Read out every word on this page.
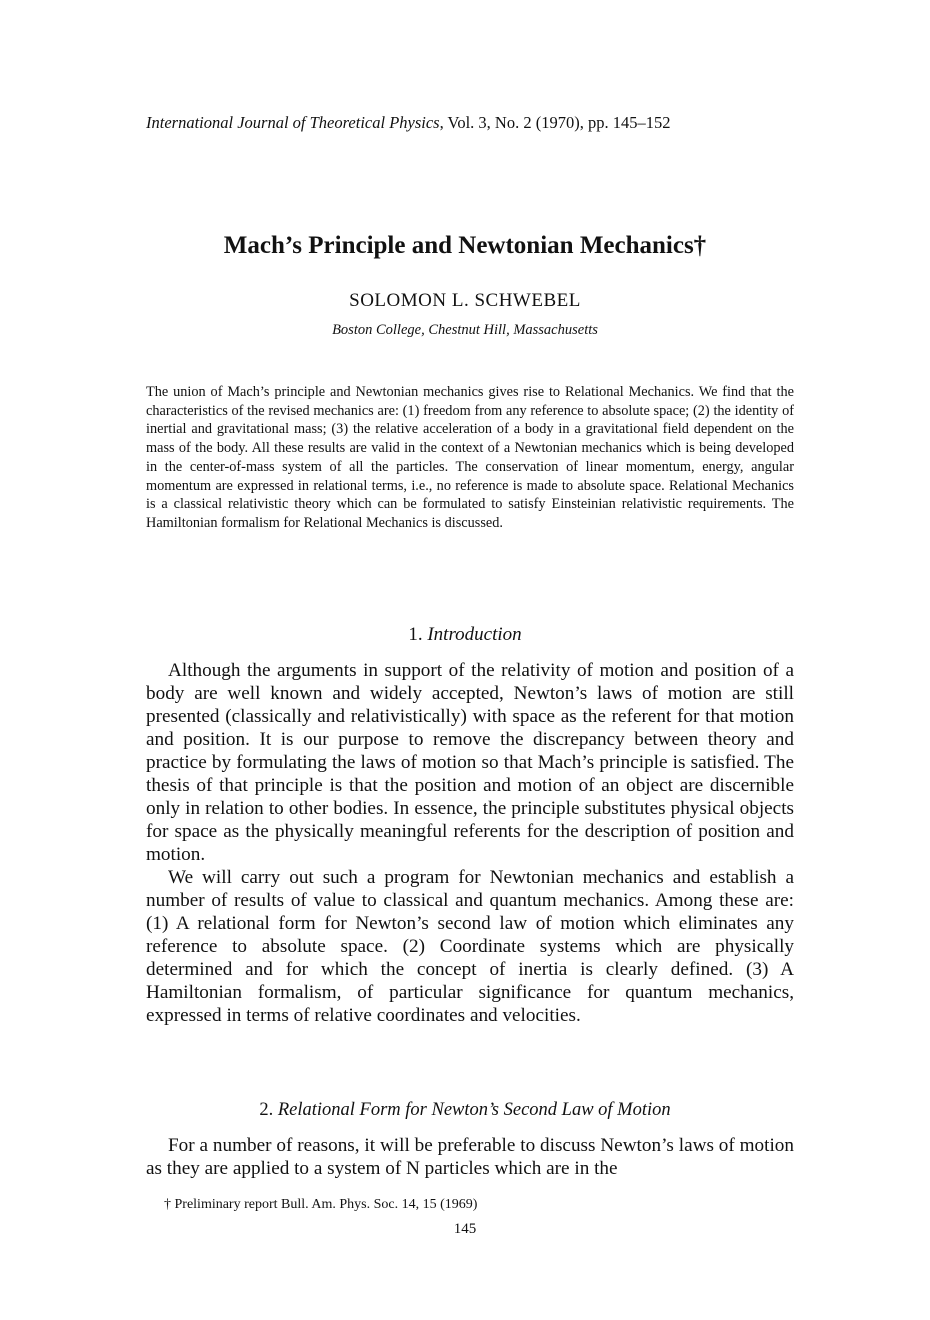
International Journal of Theoretical Physics, Vol. 3, No. 2 (1970), pp. 145–152
Mach’s Principle and Newtonian Mechanics†
SOLOMON L. SCHWEBEL
Boston College, Chestnut Hill, Massachusetts
The union of Mach’s principle and Newtonian mechanics gives rise to Relational Mechanics. We find that the characteristics of the revised mechanics are: (1) freedom from any reference to absolute space; (2) the identity of inertial and gravitational mass; (3) the relative acceleration of a body in a gravitational field dependent on the mass of the body. All these results are valid in the context of a Newtonian mechanics which is being developed in the center-of-mass system of all the particles. The conservation of linear momentum, energy, angular momentum are expressed in relational terms, i.e., no reference is made to absolute space. Relational Mechanics is a classical relativistic theory which can be formulated to satisfy Einsteinian relativistic requirements. The Hamiltonian formalism for Relational Mechanics is discussed.
1. Introduction

Although the arguments in support of the relativity of motion and position of a body are well known and widely accepted, Newton’s laws of motion are still presented (classically and relativistically) with space as the referent for that motion and position. It is our purpose to remove the discrepancy between theory and practice by formulating the laws of motion so that Mach’s principle is satisfied. The thesis of that principle is that the position and motion of an object are discernible only in relation to other bodies. In essence, the principle substitutes physical objects for space as the physically meaningful referents for the description of position and motion.

We will carry out such a program for Newtonian mechanics and establish a number of results of value to classical and quantum mechanics. Among these are: (1) A relational form for Newton’s second law of motion which eliminates any reference to absolute space. (2) Coordinate systems which are physically determined and for which the concept of inertia is clearly defined. (3) A Hamiltonian formalism, of particular significance for quantum mechanics, expressed in terms of relative coordinates and velocities.

2. Relational Form for Newton’s Second Law of Motion

For a number of reasons, it will be preferable to discuss Newton’s laws of motion as they are applied to a system of N particles which are in the

† Preliminary report Bull. Am. Phys. Soc. 14, 15 (1969)
145
